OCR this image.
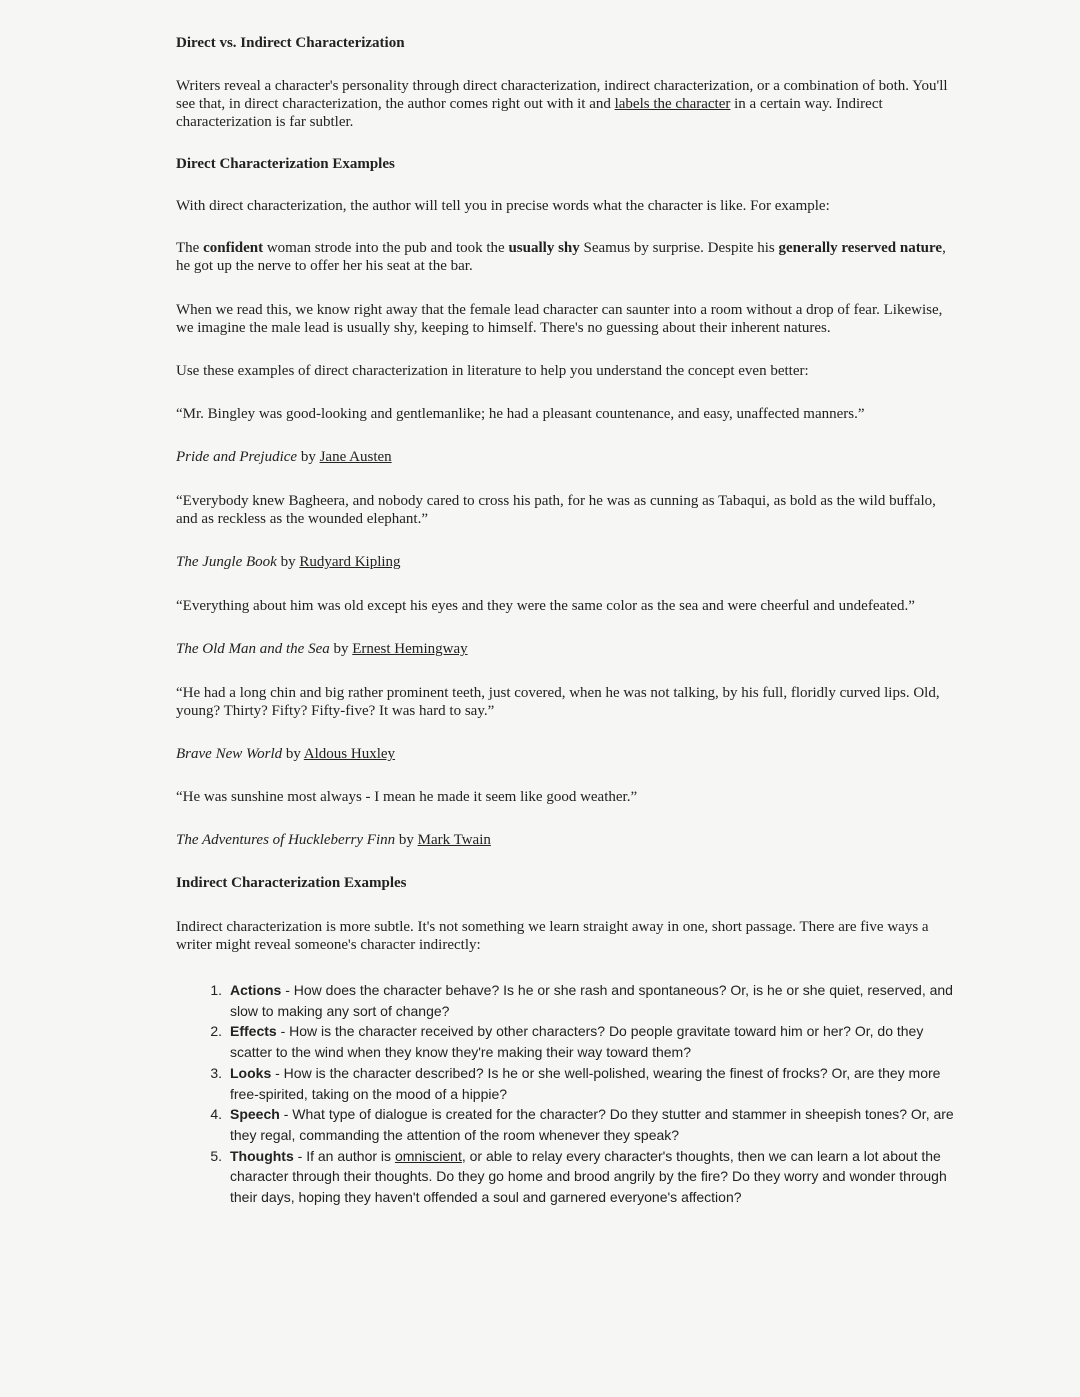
Direct vs. Indirect Characterization

Writers reveal a character's personality through direct characterization, indirect characterization, or a combination of both. You'll see that, in direct characterization, the author comes right out with it and labels the character in a certain way. Indirect characterization is far subtler.

Direct Characterization Examples

With direct characterization, the author will tell you in precise words what the character is like. For example:

The confident woman strode into the pub and took the usually shy Seamus by surprise. Despite his generally reserved nature, he got up the nerve to offer her his seat at the bar.

When we read this, we know right away that the female lead character can saunter into a room without a drop of fear. Likewise, we imagine the male lead is usually shy, keeping to himself. There's no guessing about their inherent natures.

Use these examples of direct characterization in literature to help you understand the concept even better:

“Mr. Bingley was good-looking and gentlemanlike; he had a pleasant countenance, and easy, unaffected manners.”

Pride and Prejudice by Jane Austen

“Everybody knew Bagheera, and nobody cared to cross his path, for he was as cunning as Tabaqui, as bold as the wild buffalo, and as reckless as the wounded elephant.”

The Jungle Book by Rudyard Kipling

“Everything about him was old except his eyes and they were the same color as the sea and were cheerful and undefeated.”

The Old Man and the Sea by Ernest Hemingway

“He had a long chin and big rather prominent teeth, just covered, when he was not talking, by his full, floridly curved lips. Old, young? Thirty? Fifty? Fifty-five? It was hard to say.”

Brave New World by Aldous Huxley

“He was sunshine most always - I mean he made it seem like good weather.”

The Adventures of Huckleberry Finn by Mark Twain

Indirect Characterization Examples

Indirect characterization is more subtle. It's not something we learn straight away in one, short passage. There are five ways a writer might reveal someone's character indirectly:

1. Actions - How does the character behave? Is he or she rash and spontaneous? Or, is he or she quiet, reserved, and slow to making any sort of change?
2. Effects - How is the character received by other characters? Do people gravitate toward him or her? Or, do they scatter to the wind when they know they're making their way toward them?
3. Looks - How is the character described? Is he or she well-polished, wearing the finest of frocks? Or, are they more free-spirited, taking on the mood of a hippie?
4. Speech - What type of dialogue is created for the character? Do they stutter and stammer in sheepish tones? Or, are they regal, commanding the attention of the room whenever they speak?
5. Thoughts - If an author is omniscient, or able to relay every character's thoughts, then we can learn a lot about the character through their thoughts. Do they go home and brood angrily by the fire? Do they worry and wonder through their days, hoping they haven't offended a soul and garnered everyone's affection?
